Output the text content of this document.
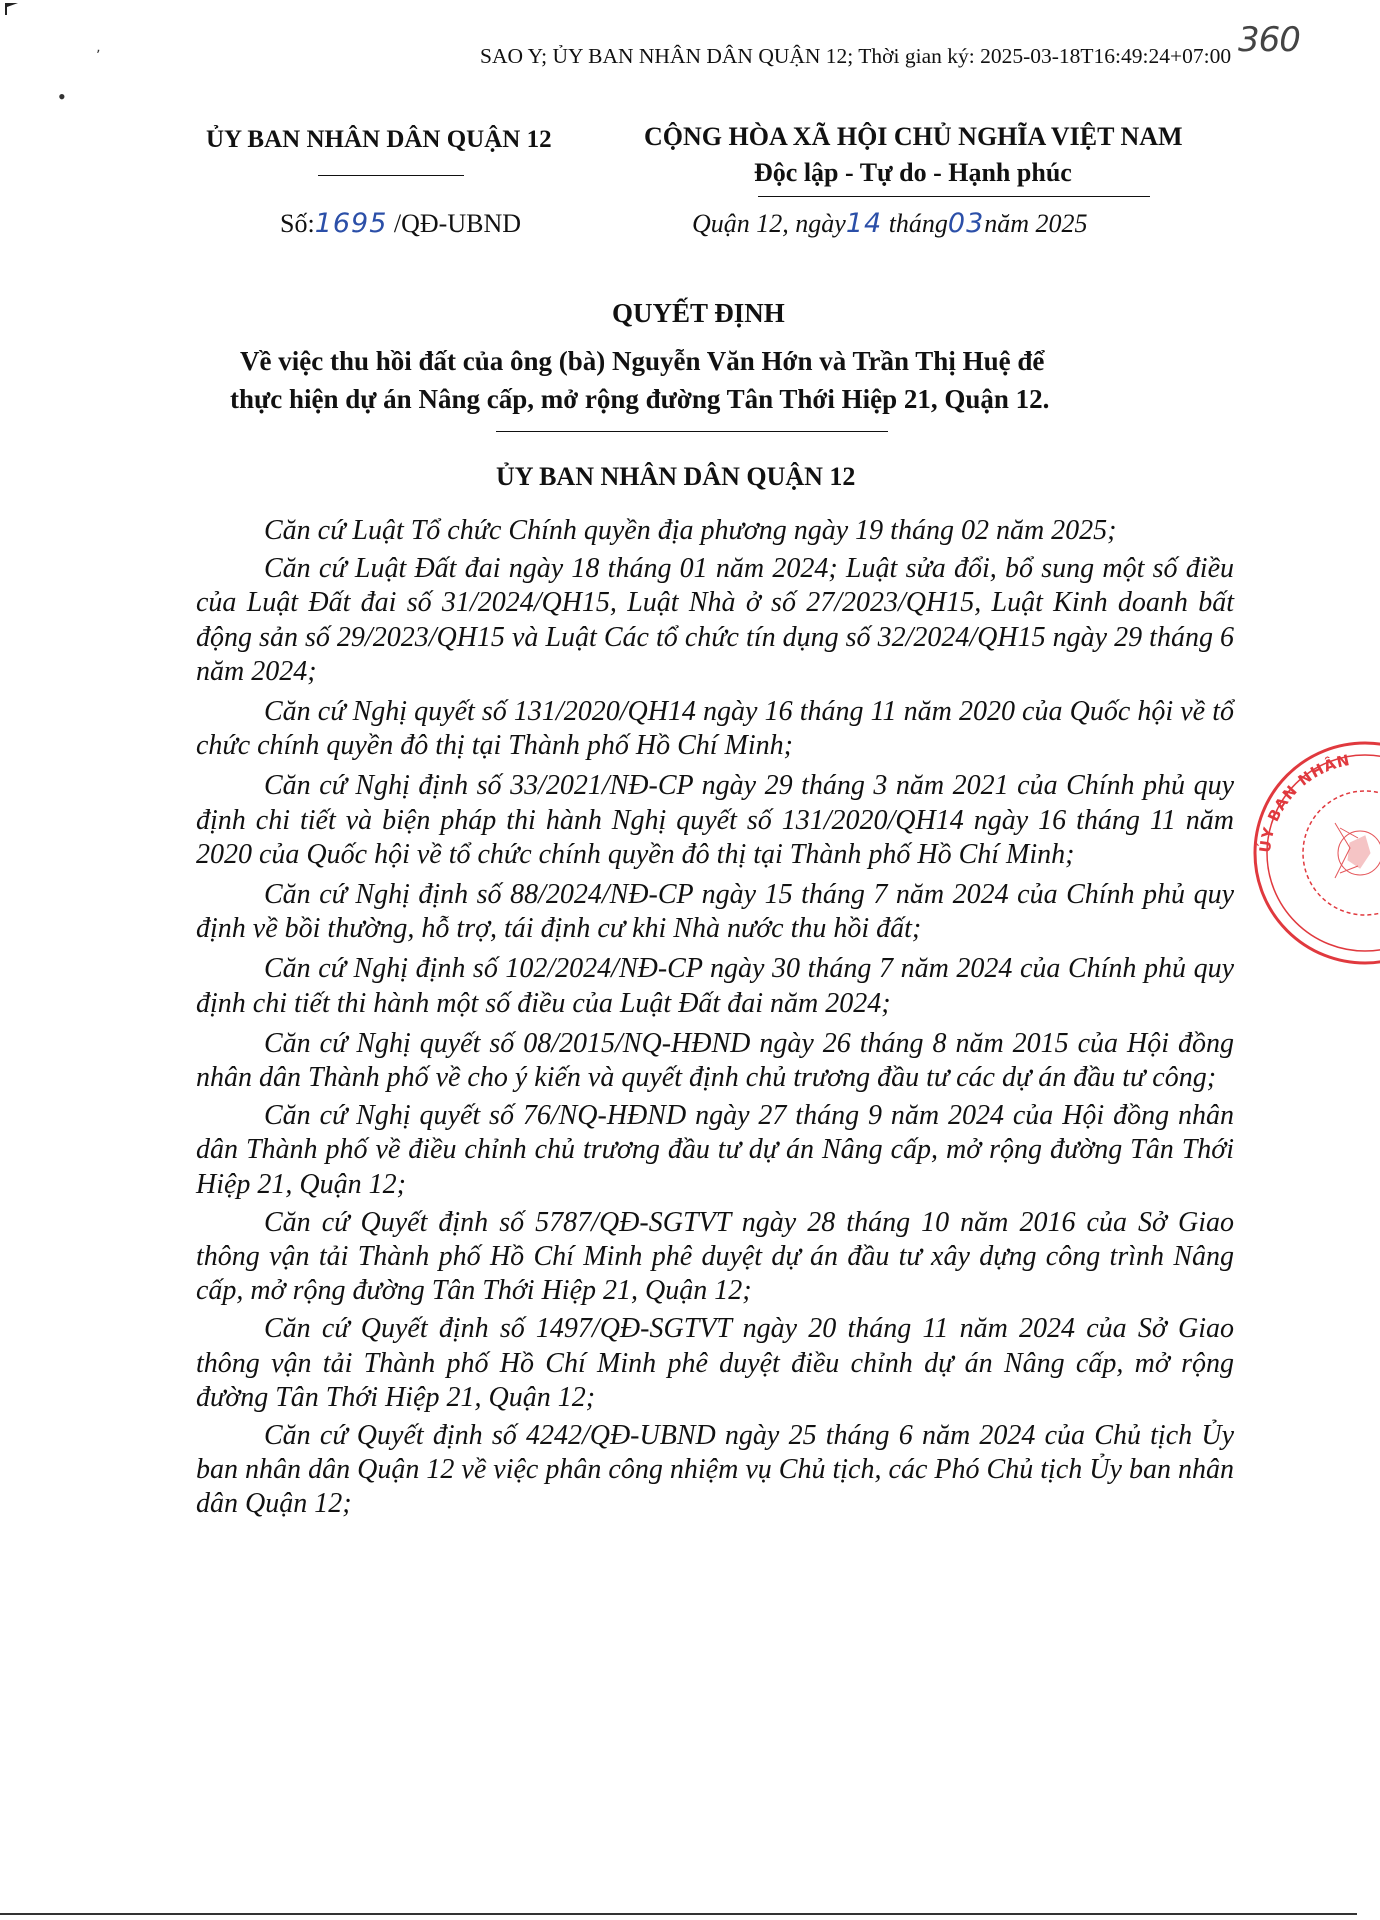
٬
•
SAO Y; ỦY BAN NHÂN DÂN QUẬN 12; Thời gian ký: 2025-03-18T16:49:24+07:00 360
ỦY BAN NHÂN DÂN QUẬN 12
Số:1695 /QĐ-UBND
CỘNG HÒA XÃ HỘI CHỦ NGHĨA VIỆT NAM
Độc lập - Tự do - Hạnh phúc
Quận 12, ngày14 tháng03năm 2025
QUYẾT ĐỊNH
Về việc thu hồi đất của ông (bà) Nguyễn Văn Hớn và Trần Thị Huệ để
thực hiện dự án Nâng cấp, mở rộng đường Tân Thới Hiệp 21, Quận 12.
ỦY BAN NHÂN DÂN QUẬN 12

Căn cứ Luật Tổ chức Chính quyền địa phương ngày 19 tháng 02 năm 2025;

Căn cứ Luật Đất đai ngày 18 tháng 01 năm 2024; Luật sửa đổi, bổ sung một số điều của Luật Đất đai số 31/2024/QH15, Luật Nhà ở số 27/2023/QH15, Luật Kinh doanh bất động sản số 29/2023/QH15 và Luật Các tổ chức tín dụng số 32/2024/QH15 ngày 29 tháng 6 năm 2024;

Căn cứ Nghị quyết số 131/2020/QH14 ngày 16 tháng 11 năm 2020 của Quốc hội về tổ chức chính quyền đô thị tại Thành phố Hồ Chí Minh;

Căn cứ Nghị định số 33/2021/NĐ-CP ngày 29 tháng 3 năm 2021 của Chính phủ quy định chi tiết và biện pháp thi hành Nghị quyết số 131/2020/QH14 ngày 16 tháng 11 năm 2020 của Quốc hội về tổ chức chính quyền đô thị tại Thành phố Hồ Chí Minh;

Căn cứ Nghị định số 88/2024/NĐ-CP ngày 15 tháng 7 năm 2024 của Chính phủ quy định về bồi thường, hỗ trợ, tái định cư khi Nhà nước thu hồi đất;

Căn cứ Nghị định số 102/2024/NĐ-CP ngày 30 tháng 7 năm 2024 của Chính phủ quy định chi tiết thi hành một số điều của Luật Đất đai năm 2024;

Căn cứ Nghị quyết số 08/2015/NQ-HĐND ngày 26 tháng 8 năm 2015 của Hội đồng nhân dân Thành phố về cho ý kiến và quyết định chủ trương đầu tư các dự án đầu tư công;

Căn cứ Nghị quyết số 76/NQ-HĐND ngày 27 tháng 9 năm 2024 của Hội đồng nhân dân Thành phố về điều chỉnh chủ trương đầu tư dự án Nâng cấp, mở rộng đường Tân Thới Hiệp 21, Quận 12;

Căn cứ Quyết định số 5787/QĐ-SGTVT ngày 28 tháng 10 năm 2016 của Sở Giao thông vận tải Thành phố Hồ Chí Minh phê duyệt dự án đầu tư xây dựng công trình Nâng cấp, mở rộng đường Tân Thới Hiệp 21, Quận 12;

Căn cứ Quyết định số 1497/QĐ-SGTVT ngày 20 tháng 11 năm 2024 của Sở Giao thông vận tải Thành phố Hồ Chí Minh phê duyệt điều chỉnh dự án Nâng cấp, mở rộng đường Tân Thới Hiệp 21, Quận 12;

Căn cứ Quyết định số 4242/QĐ-UBND ngày 25 tháng 6 năm 2024 của Chủ tịch Ủy ban nhân dân Quận 12 về việc phân công nhiệm vụ Chủ tịch, các Phó Chủ tịch Ủy ban nhân dân Quận 12;

ỦY BAN NHÂN DÂN QUẬN
